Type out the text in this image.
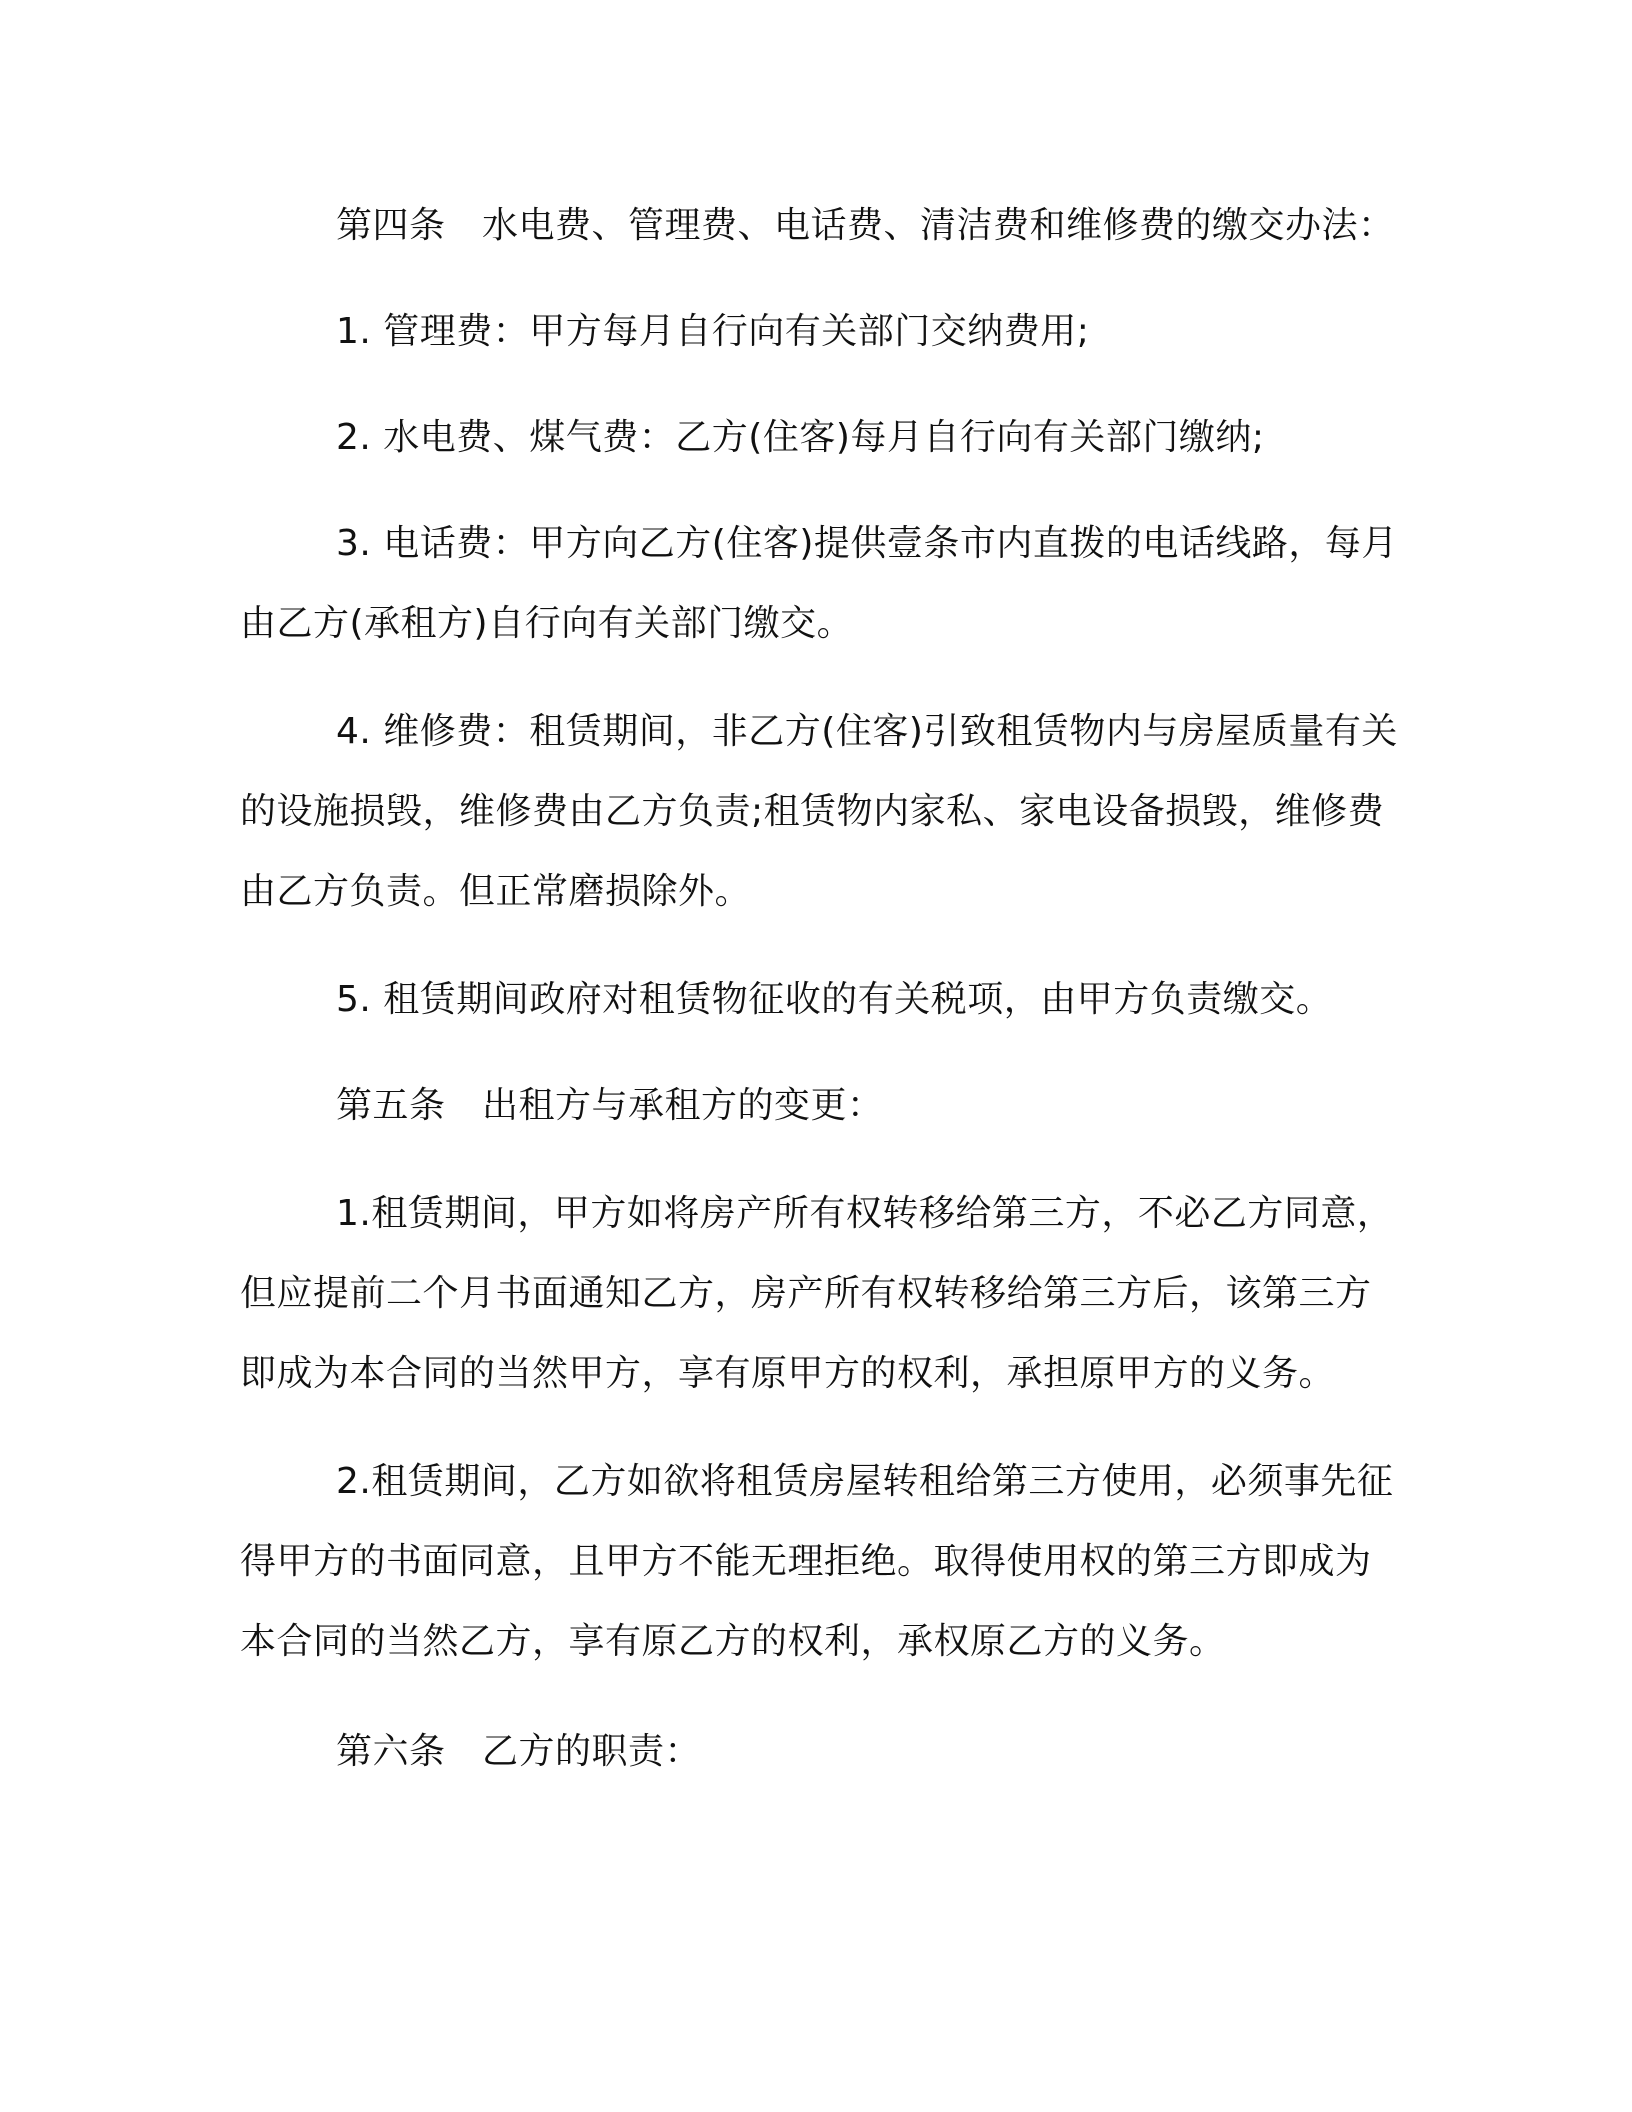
第四条　水电费、管理费、电话费、清洁费和维修费的缴交办法：

1. 管理费：甲方每月自行向有关部门交纳费用;

2. 水电费、煤气费：乙方(住客)每月自行向有关部门缴纳;

3. 电话费：甲方向乙方(住客)提供壹条市内直拨的电话线路，每月由乙方(承租方)自行向有关部门缴交。

4. 维修费：租赁期间，非乙方(住客)引致租赁物内与房屋质量有关的设施损毁，维修费由乙方负责;租赁物内家私、家电设备损毁，维修费由乙方负责。但正常磨损除外。

5. 租赁期间政府对租赁物征收的有关税项，由甲方负责缴交。

第五条　出租方与承租方的变更：

1.租赁期间，甲方如将房产所有权转移给第三方，不必乙方同意，但应提前二个月书面通知乙方，房产所有权转移给第三方后，该第三方即成为本合同的当然甲方，享有原甲方的权利，承担原甲方的义务。

2.租赁期间，乙方如欲将租赁房屋转租给第三方使用，必须事先征得甲方的书面同意，且甲方不能无理拒绝。取得使用权的第三方即成为本合同的当然乙方，享有原乙方的权利，承权原乙方的义务。

第六条　乙方的职责：
